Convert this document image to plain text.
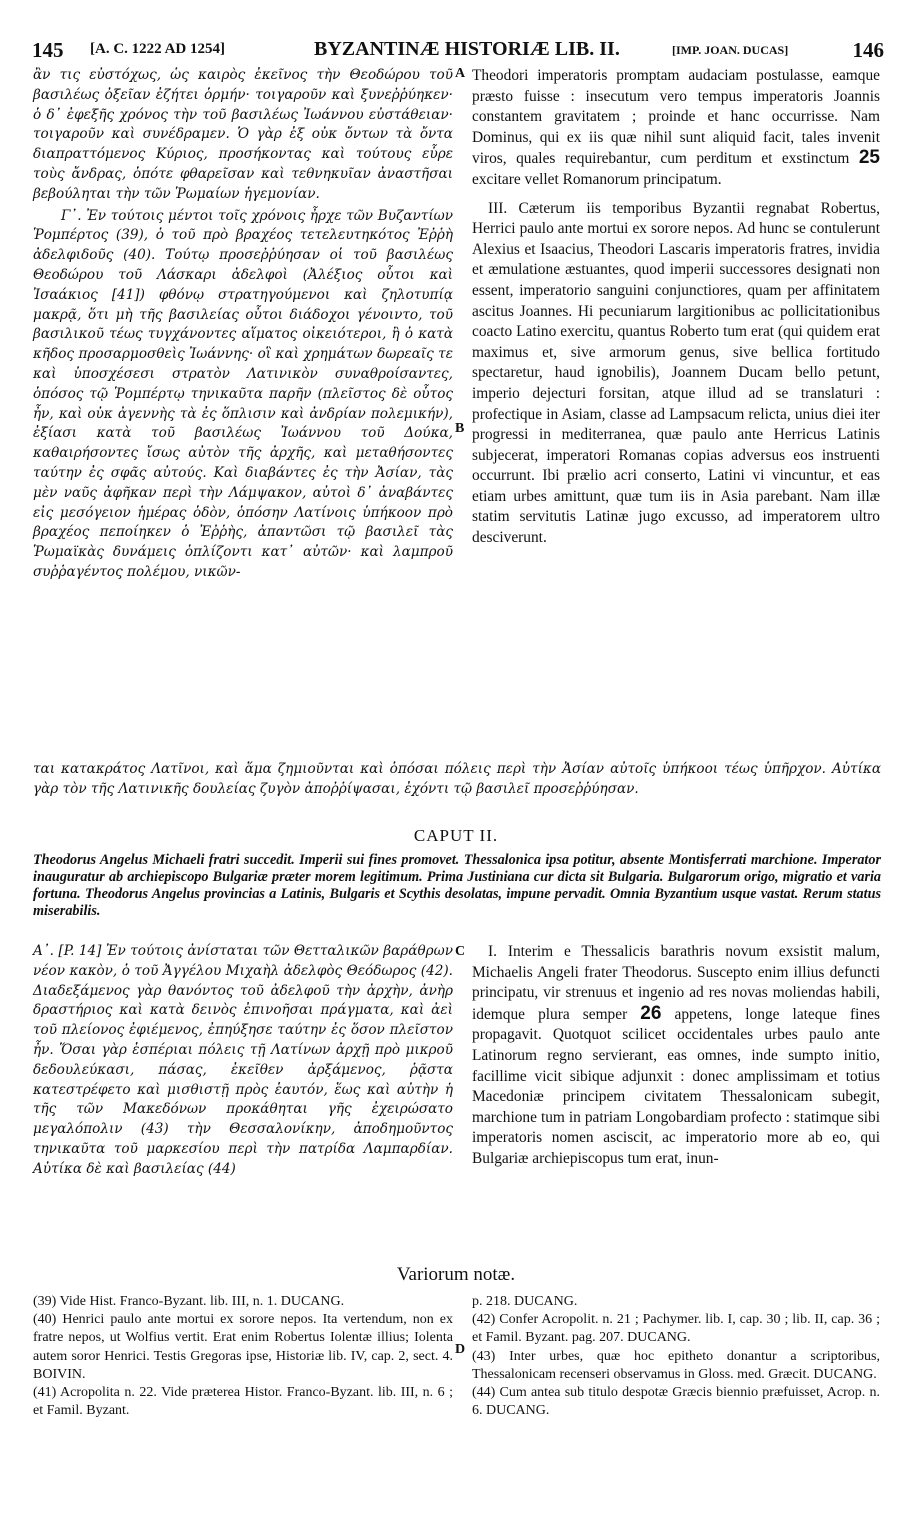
145 [A. C. 1222 AD 1254]	BYZANTINÆ HISTORIÆ LIB. II.	[IMP. JOAN. DUCAS]	146

ἂν τις εὐστόχως, ὡς καιρὸς ἐκεῖνος τὴν Θεοδώρου τοῦ βασιλέως ὀξεῖαν ἐζήτει ὁρμήν· τοιγαροῦν καὶ ξυνεῤῥύηκεν· ὁ δ᾽ ἐφεξῆς χρόνος τὴν τοῦ βασιλέως Ἰωάννου εὐστάθειαν· τοιγαροῦν καὶ συνέδραμεν. Ὁ γὰρ ἐξ οὐκ ὄντων τὰ ὄντα διαπραττόμενος Κύριος, προσήκοντας καὶ τούτους εὗρε τοὺς ἄνδρας, ὁπότε φθαρεῖσαν καὶ τεθνηκυῖαν ἀναστῆσαι βεβούληται τὴν τῶν Ῥωμαίων ἡγεμονίαν.

Γ᾽. Ἐν τούτοις μέντοι τοῖς χρόνοις ἦρχε τῶν Βυζαντίων Ῥομπέρτος (39), ὁ τοῦ πρὸ βραχέος τετελευτηκότος Ἐῤῥὴ ἀδελφιδοῦς (40). Τούτῳ προσεῤῥύησαν οἱ τοῦ βασιλέως Θεοδώρου τοῦ Λάσκαρι ἀδελφοὶ (Ἀλέξιος οὗτοι καὶ Ἰσαάκιος [41]) φθόνῳ στρατηγούμενοι καὶ ζηλοτυπίᾳ μακρᾷ, ὅτι μὴ τῆς βασιλείας οὗτοι διάδοχοι γένοιντο, τοῦ βασιλικοῦ τέως τυγχάνοντες αἵματος οἰκειότεροι, ἢ ὁ κατὰ κῆδος προσαρμοσθεὶς Ἰωάννης· οἳ καὶ χρημάτων δωρεαῖς τε καὶ ὑποσχέσεσι στρατὸν Λατινικὸν συναθροίσαντες, ὁπόσος τῷ Ῥομπέρτῳ τηνικαῦτα παρῆν (πλεῖστος δὲ οὗτος ἦν, καὶ οὐκ ἀγεννὴς τὰ ἐς ὅπλισιν καὶ ἀνδρίαν πολεμικήν), ἐξίασι κατὰ τοῦ βασιλέως Ἰωάννου τοῦ Δούκα, καθαιρήσοντες ἴσως αὐτὸν τῆς ἀρχῆς, καὶ μεταθήσοντες ταύτην ἐς σφᾶς αὐτούς. Καὶ διαβάντες ἐς τὴν Ἀσίαν, τὰς μὲν ναῦς ἀφῆκαν περὶ τὴν Λάμψακον, αὐτοὶ δ᾽ ἀναβάντες εἰς μεσόγειον ἡμέρας ὁδὸν, ὁπόσην Λατίνοις ὑπήκοον πρὸ βραχέος πεποίηκεν ὁ Ἐῤῥὴς, ἀπαντῶσι τῷ βασιλεῖ τὰς Ῥωμαϊκὰς δυνάμεις ὁπλίζοντι κατ᾽ αὐτῶν· καὶ λαμπροῦ συῤῥαγέντος πολέμου, νικῶν-

A
B

Theodori imperatoris promptam audaciam postulasse, eamque præsto fuisse : insecutum vero tempus imperatoris Joannis constantem gravitatem ; proinde et hanc occurrisse. Nam Dominus, qui ex iis quæ nihil sunt aliquid facit, tales invenit viros, quales requirebantur, cum perditum et exstinctum 25 excitare vellet Romanorum principatum.

III. Cæterum iis temporibus Byzantii regnabat Robertus, Herrici paulo ante mortui ex sorore nepos. Ad hunc se contulerunt Alexius et Isaacius, Theodori Lascaris imperatoris fratres, invidia et æmulatione æstuantes, quod imperii successores designati non essent, imperatorio sanguini conjunctiores, quam per affinitatem ascitus Joannes. Hi pecuniarum largitionibus ac pollicitationibus coacto Latino exercitu, quantus Roberto tum erat (qui quidem erat maximus et, sive armorum genus, sive bellica fortitudo spectaretur, haud ignobilis), Joannem Ducam bello petunt, imperio dejecturi forsitan, atque illud ad se translaturi : profectique in Asiam, classe ad Lampsacum relicta, unius diei iter progressi in mediterranea, quæ paulo ante Herricus Latinis subjecerat, imperatori Romanas copias adversus eos instruenti occurrunt. Ibi prælio acri conserto, Latini vi vincuntur, et eas etiam urbes amittunt, quæ tum iis in Asia parebant. Nam illæ statim servitutis Latinæ jugo excusso, ad imperatorem ultro desciverunt.

ται κατακράτος Λατῖνοι, καὶ ἅμα ζημιοῦνται καὶ ὁπόσαι πόλεις περὶ τὴν Ἀσίαν αὐτοῖς ὑπήκοοι τέως ὑπῆρχον. Αὐτίκα γὰρ τὸν τῆς Λατινικῆς δουλείας ζυγὸν ἀποῤῥίψασαι, ἐχόντι τῷ βασιλεῖ προσεῤῥύησαν.
CAPUT II.
Theodorus Angelus Michaeli fratri succedit. Imperii sui fines promovet. Thessalonica ipsa potitur, absente Montisferrati marchione. Imperator inauguratur ab archiepiscopo Bulgariæ præter morem legitimum. Prima Justiniana cur dicta sit Bulgaria. Bulgarorum origo, migratio et varia fortuna. Theodorus Angelus provincias a Latinis, Bulgaris et Scythis desolatas, impune pervadit. Omnia Byzantium usque vastat. Rerum status miserabilis.

Α᾽. [P. 14] Ἐν τούτοις ἀνίσταται τῶν Θετταλικῶν βαράθρων νέον κακὸν, ὁ τοῦ Ἀγγέλου Μιχαὴλ ἀδελφὸς Θεόδωρος (42). Διαδεξάμενος γὰρ θανόντος τοῦ ἀδελφοῦ τὴν ἀρχὴν, ἀνὴρ δραστήριος καὶ κατὰ δεινὸς ἐπινοῆσαι πράγματα, καὶ ἀεὶ τοῦ πλείονος ἐφιέμενος, ἐπηύξησε ταύτην ἐς ὅσον πλεῖστον ἦν. Ὅσαι γὰρ ἑσπέριαι πόλεις τῇ Λατίνων ἀρχῇ πρὸ μικροῦ δεδουλεύκασι, πάσας, ἐκεῖθεν ἀρξάμενος, ῥᾷστα κατεστρέφετο καὶ μισθιστῇ πρὸς ἑαυτόν, ἕως καὶ αὐτὴν ἡ τῆς τῶν Μακεδόνων προκάθηται γῆς ἐχειρώσατο μεγαλόπολιν (43) τὴν Θεσσαλονίκην, ἀποδημοῦντος τηνικαῦτα τοῦ μαρκεσίου περὶ τὴν πατρίδα Λαμπαρδίαν. Αὐτίκα δὲ καὶ βασιλείας (44)

C	I. Interim e Thessalicis barathris novum exsistit malum, Michaelis Angeli frater Theodorus. Suscepto enim illius defuncti principatu, vir strenuus et ingenio ad res novas moliendas habili, idemque plura semper 26 appetens, longe lateque fines propagavit. Quotquot scilicet occidentales urbes paulo ante Latinorum regno servierant, eas omnes, inde sumpto initio, facillime vicit sibique adjunxit : donec amplissimam et totius Macedoniæ principem civitatem Thessalonicam subegit, marchione tum in patriam Longobardiam profecto : statimque sibi imperatoris nomen asciscit, ac imperatorio more ab eo, qui Bulgariæ archiepiscopus tum erat, inun-

Variorum notæ.

(39) Vide Hist. Franco-Byzant. lib. III, n. 1. DUCANG.

(40) Henrici paulo ante mortui ex sorore nepos. Ita vertendum, non ex fratre nepos, ut Wolfius vertit. Erat enim Robertus Iolentæ illius; Iolenta autem soror Henrici. Testis Gregoras ipse, Historiæ lib. IV, cap. 2, sect. 4. BOIVIN.

(41) Acropolita n. 22. Vide præterea Histor. Franco-Byzant. lib. III, n. 6 ; et Famil. Byzant.

D

p. 218. DUCANG.

(42) Confer Acropolit. n. 21 ; Pachymer. lib. I, cap. 30 ; lib. II, cap. 36 ; et Famil. Byzant. pag. 207. DUCANG.

(43) Inter urbes, quæ hoc epitheto donantur a scriptoribus, Thessalonicam recenseri observamus in Gloss. med. Græcit. DUCANG.

(44) Cum antea sub titulo despotæ Græcis biennio præfuisset, Acrop. n. 6. DUCANG.
